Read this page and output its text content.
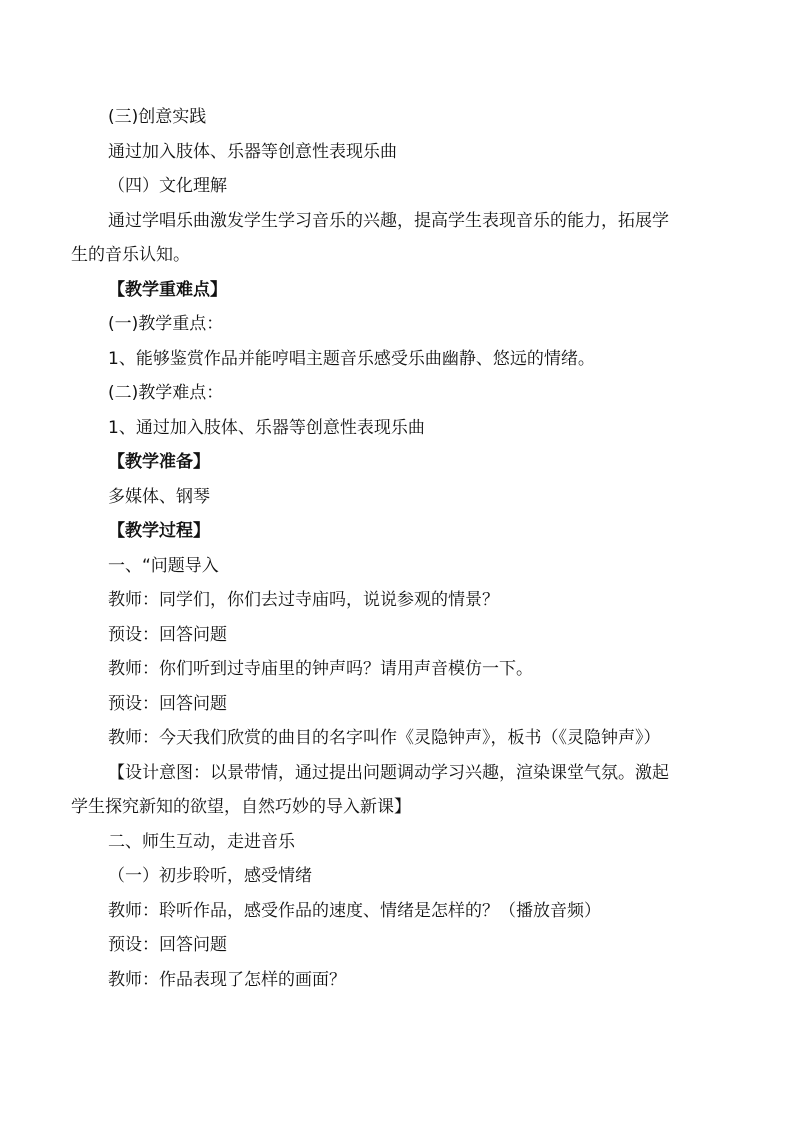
(三)创意实践
通过加入肢体、乐器等创意性表现乐曲
（四）文化理解
通过学唱乐曲激发学生学习音乐的兴趣，提高学生表现音乐的能力，拓展学
生的音乐认知。
【教学重难点】
(一)教学重点：
1、能够鉴赏作品并能哼唱主题音乐感受乐曲幽静、悠远的情绪。
(二)教学难点：
1、通过加入肢体、乐器等创意性表现乐曲
【教学准备】
多媒体、钢琴
【教学过程】
一、“问题导入
教师：同学们，你们去过寺庙吗，说说参观的情景？
预设：回答问题
教师：你们听到过寺庙里的钟声吗？请用声音模仿一下。
预设：回答问题
教师：今天我们欣赏的曲目的名字叫作《灵隐钟声》，板书（《灵隐钟声》）
【设计意图：以景带情，通过提出问题调动学习兴趣，渲染课堂气氛。激起
学生探究新知的欲望，自然巧妙的导入新课】
二、师生互动，走进音乐
（一）初步聆听，感受情绪
教师：聆听作品，感受作品的速度、情绪是怎样的？（播放音频）
预设：回答问题
教师：作品表现了怎样的画面？
